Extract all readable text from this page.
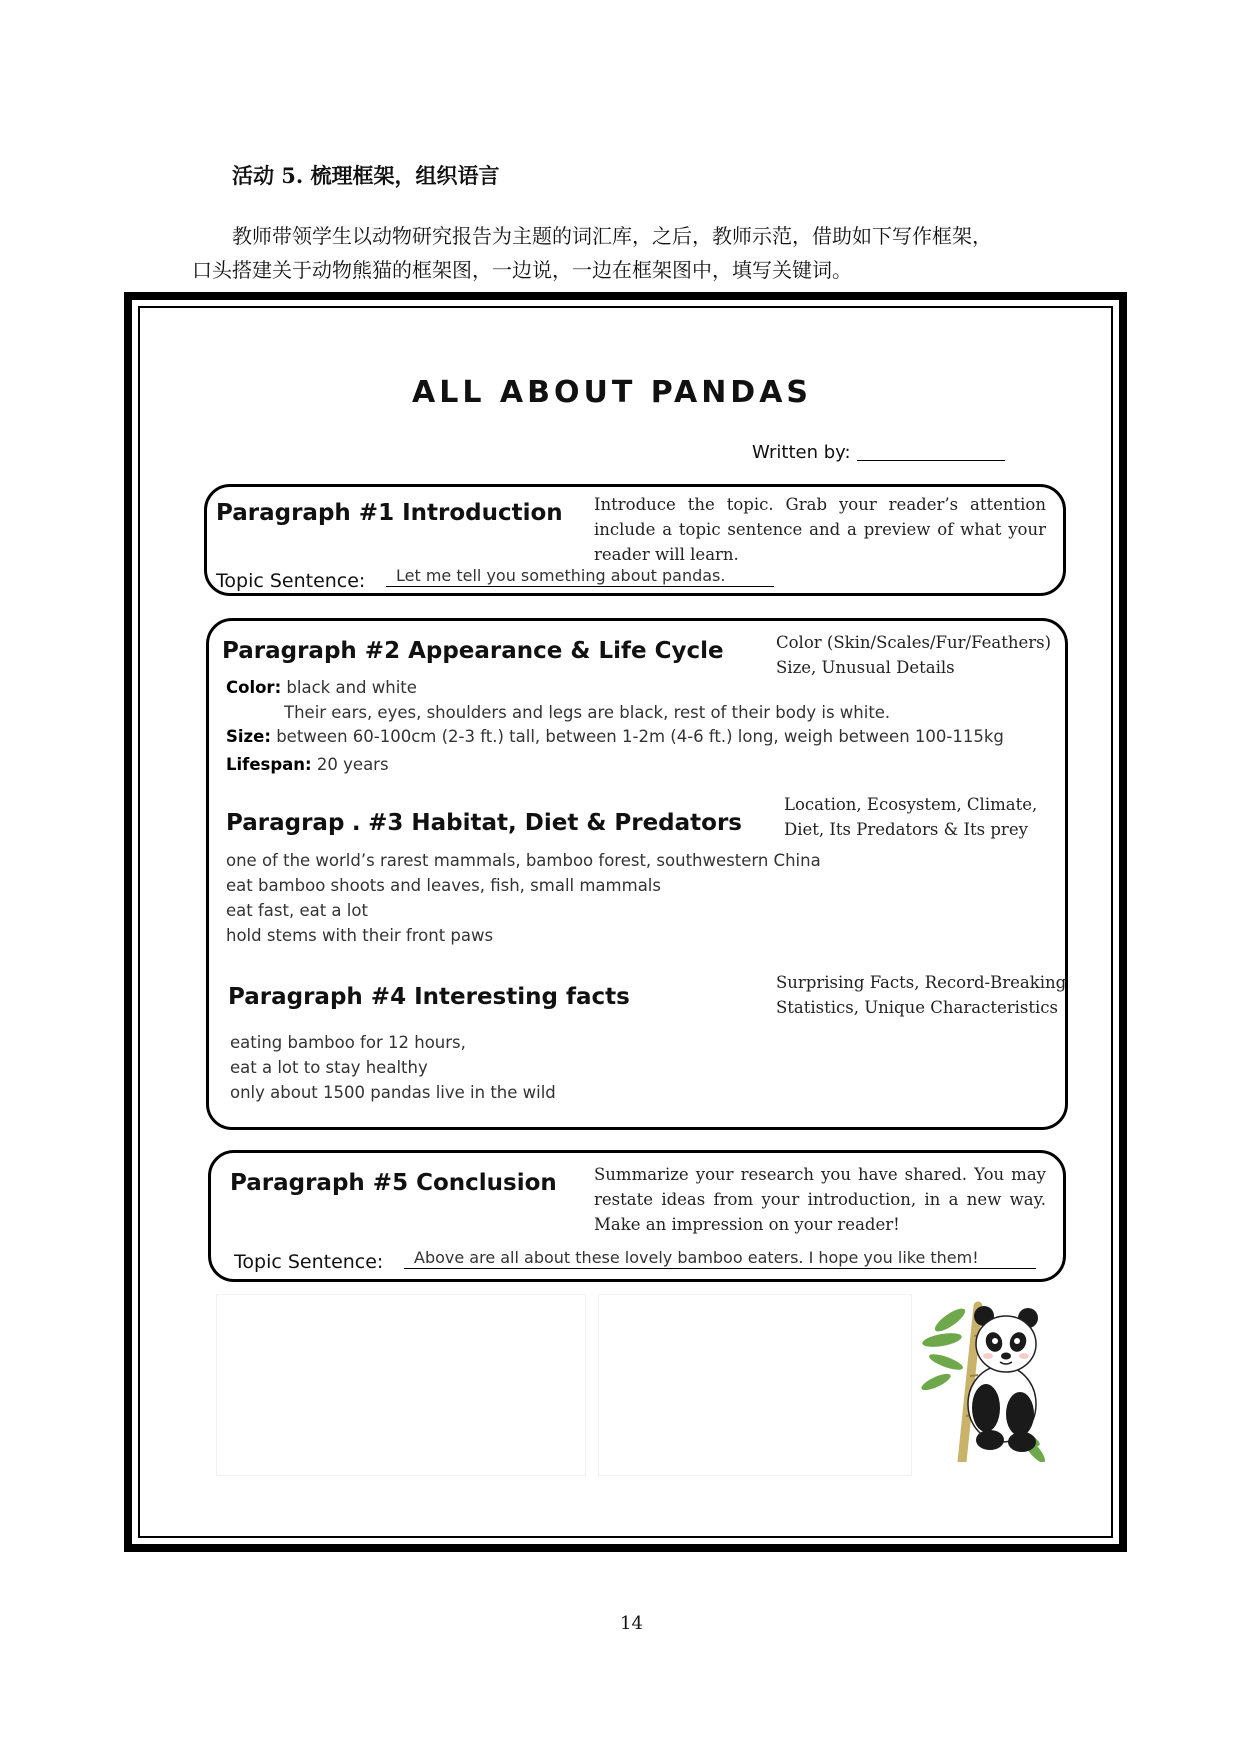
活动 5. 梳理框架，组织语言
教师带领学生以动物研究报告为主题的词汇库，之后，教师示范，借助如下写作框架，
口头搭建关于动物熊猫的框架图，一边说，一边在框架图中，填写关键词。
ALL ABOUT PANDAS
Written by:
Paragraph #1 Introduction Introduce the topic. Grab your reader’s attention include a topic sentence and a preview of what your reader will learn.
Topic Sentence:	Let me tell you something about pandas.
Paragraph #2 Appearance & Life Cycle	Color (Skin/Scales/Fur/Feathers)
Size, Unusual Details
Color: black and white
Their ears, eyes, shoulders and legs are black, rest of their body is white.
Size: between 60-100cm (2-3 ft.) tall, between 1-2m (4-6 ft.) long, weigh between 100-115kg
Lifespan: 20 years
Paragrap ․ #3 Habitat, Diet & Predators
Location, Ecosystem, Climate,
Diet, Its Predators & Its prey
one of the world’s rarest mammals, bamboo forest, southwestern China
eat bamboo shoots and leaves, fish, small mammals
eat fast, eat a lot
hold stems with their front paws
Paragraph #4 Interesting facts
Surprising Facts, Record-Breaking
Statistics, Unique Characteristics
eating bamboo for 12 hours,
eat a lot to stay healthy
only about 1500 pandas live in the wild
Paragraph #5 Conclusion Summarize your research you have shared. You may restate ideas from your introduction, in a new way. Make an impression on your reader!
Topic Sentence:	Above are all about these lovely bamboo eaters. I hope you like them!
14
